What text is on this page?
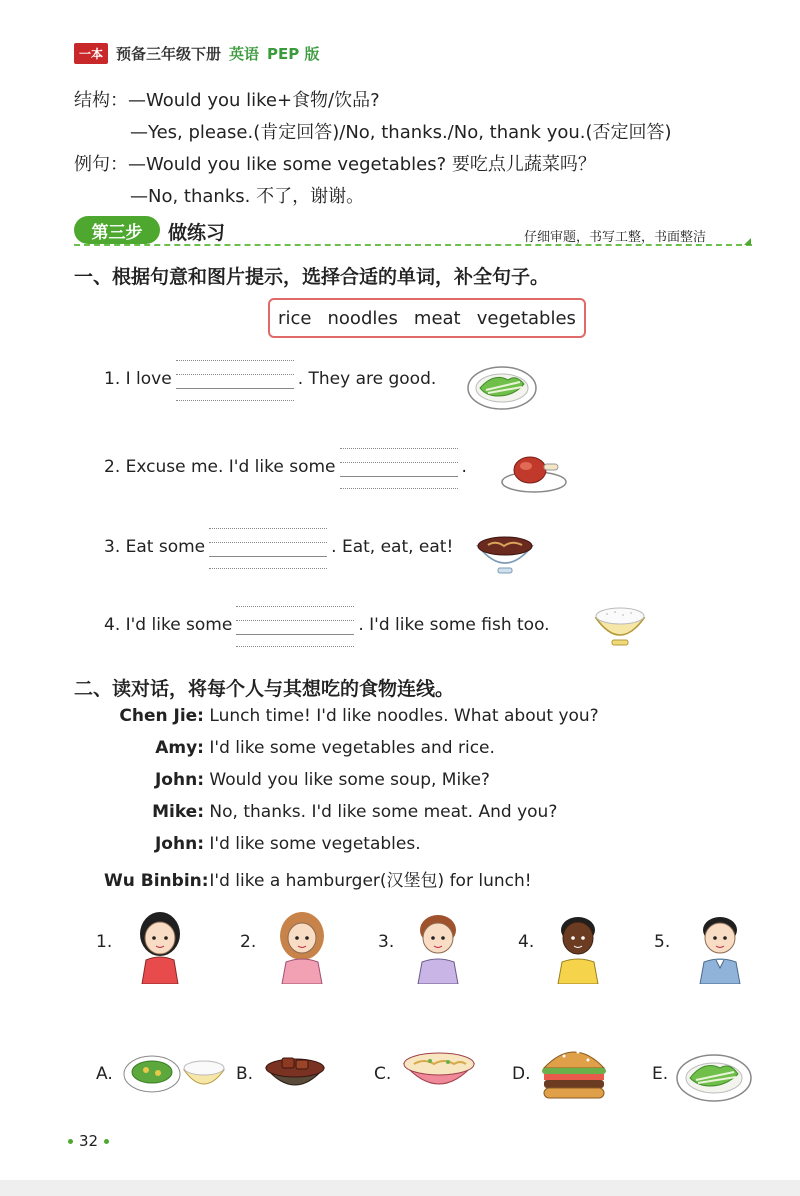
一本 预备三年级下册 英语 PEP 版
结构：—Would you like+食物/饮品?
—Yes, please.(肯定回答)/No, thanks./No, thank you.(否定回答)
例句：—Would you like some vegetables? 要吃点儿蔬菜吗？
—No, thanks. 不了，谢谢。
第三步	做练习	仔细审题，书写工整，书面整洁
一、根据句意和图片提示，选择合适的单词，补全句子。
rice noodles meat vegetables
1. I love	. They are good.
2. Excuse me. I'd like some	.
3. Eat some	. Eat, eat, eat!
4. I'd like some	. I'd like some fish too.
二、读对话，将每个人与其想吃的食物连线。
Chen Jie: Lunch time! I'd like noodles. What about you?
Amy: I'd like some vegetables and rice.
John: Would you like some soup, Mike?
Mike: No, thanks. I'd like some meat. And you?
John: I'd like some vegetables.
Wu Binbin: I'd like a hamburger(汉堡包) for lunch!
1.	2.	3.	4.	5.
A.	B.	C.	D.	E.
32
